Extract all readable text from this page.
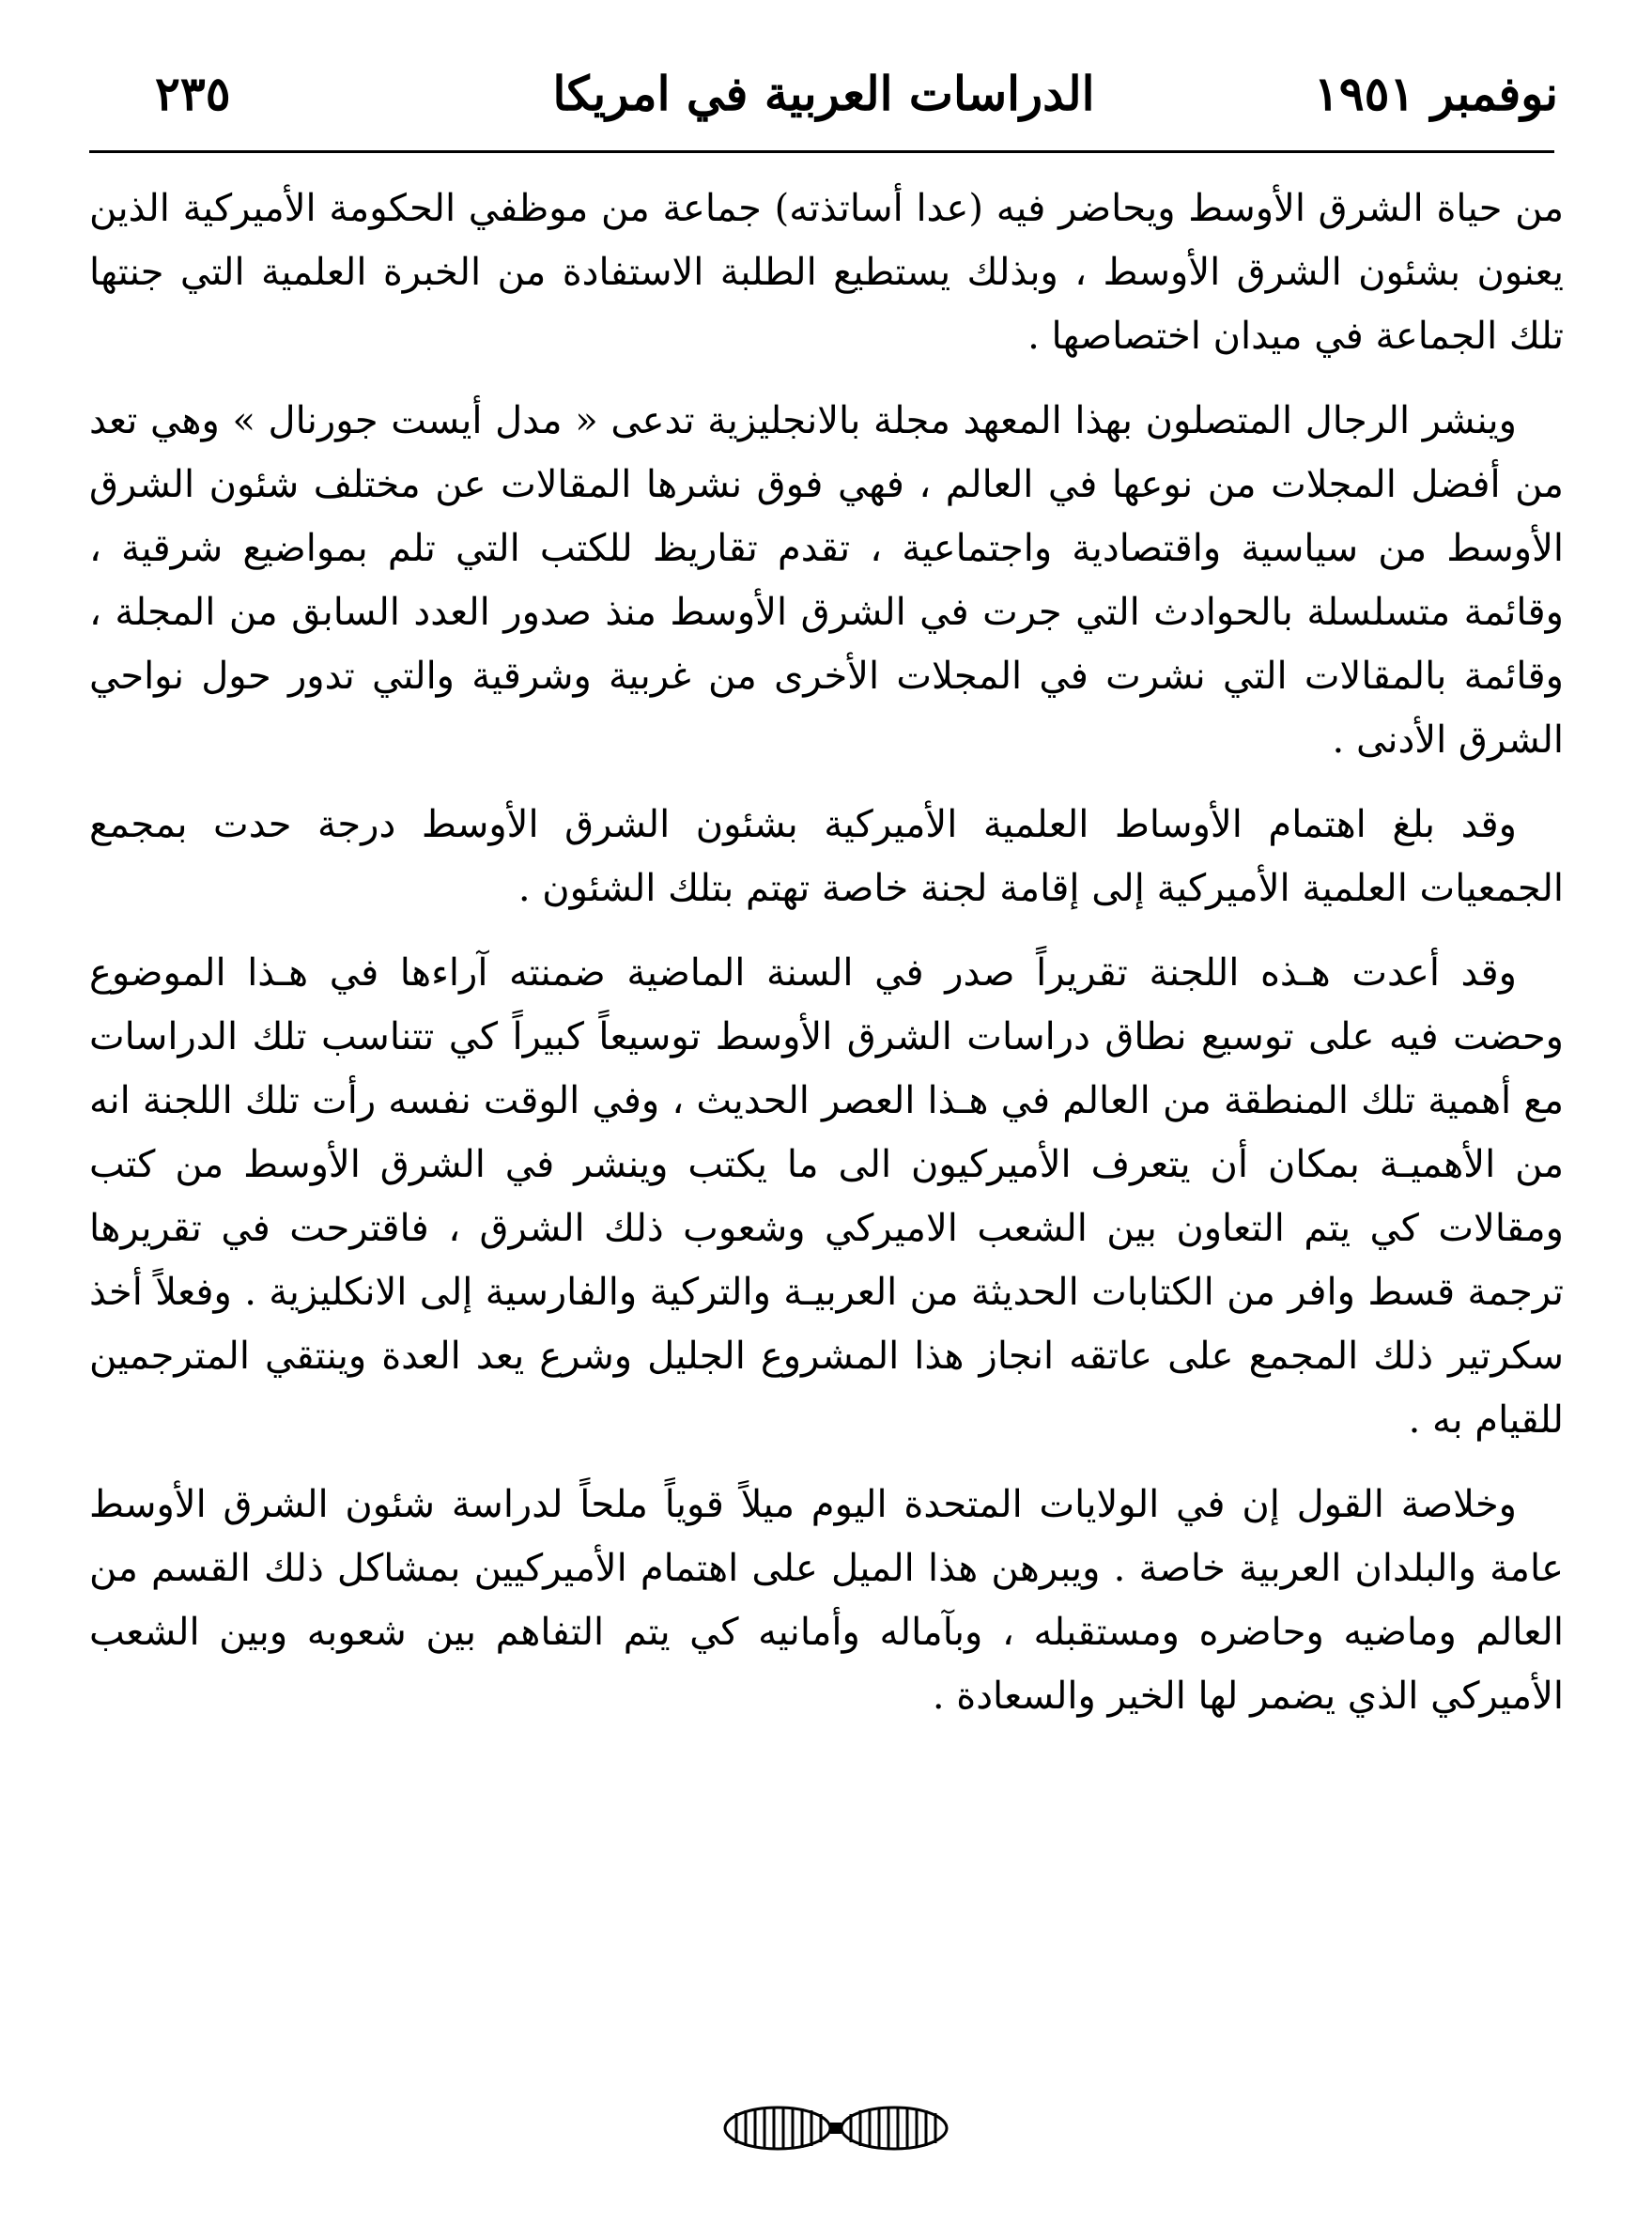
نوفمبر ١٩٥١
الدراسات العربية في امريكا
٢٣٥

من حياة الشرق الأوسط ويحاضر فيه (عدا أساتذته) جماعة من موظفي الحكومة الأميركية الذين يعنون بشئون الشرق الأوسط ، وبذلك يستطيع الطلبة الاستفادة من الخبرة العلمية التي جنتها تلك الجماعة في ميدان اختصاصها .

وينشر الرجال المتصلون بهذا المعهد مجلة بالانجليزية تدعى « مدل أيست جورنال » وهي تعد من أفضل المجلات من نوعها في العالم ، فهي فوق نشرها المقالات عن مختلف شئون الشرق الأوسط من سياسية واقتصادية واجتماعية ، تقدم تقاريظ للكتب التي تلم بمواضيع شرقية ، وقائمة متسلسلة بالحوادث التي جرت في الشرق الأوسط منذ صدور العدد السابق من المجلة ، وقائمة بالمقالات التي نشرت في المجلات الأخرى من غربية وشرقية والتي تدور حول نواحي الشرق الأدنى .

وقد بلغ اهتمام الأوساط العلمية الأميركية بشئون الشرق الأوسط درجة حدت بمجمع الجمعيات العلمية الأميركية إلى إقامة لجنة خاصة تهتم بتلك الشئون .

وقد أعدت هـذه اللجنة تقريراً صدر في السنة الماضية ضمنته آراءها في هـذا الموضوع وحضت فيه على توسيع نطاق دراسات الشرق الأوسط توسيعاً كبيراً كي تتناسب تلك الدراسات مع أهمية تلك المنطقة من العالم في هـذا العصر الحديث ، وفي الوقت نفسه رأت تلك اللجنة انه من الأهميـة بمكان أن يتعرف الأميركيون الى ما يكتب وينشر في الشرق الأوسط من كتب ومقالات كي يتم التعاون بين الشعب الاميركي وشعوب ذلك الشرق ، فاقترحت في تقريرها ترجمة قسط وافر من الكتابات الحديثة من العربيـة والتركية والفارسية إلى الانكليزية . وفعلاً أخذ سكرتير ذلك المجمع على عاتقه انجاز هذا المشروع الجليل وشرع يعد العدة وينتقي المترجمين للقيام به .

وخلاصة القول إن في الولايات المتحدة اليوم ميلاً قوياً ملحاً لدراسة شئون الشرق الأوسط عامة والبلدان العربية خاصة . ويبرهن هذا الميل على اهتمام الأميركيين بمشاكل ذلك القسم من العالم وماضيه وحاضره ومستقبله ، وبآماله وأمانيه كي يتم التفاهم بين شعوبه وبين الشعب الأميركي الذي يضمر لها الخير والسعادة .
